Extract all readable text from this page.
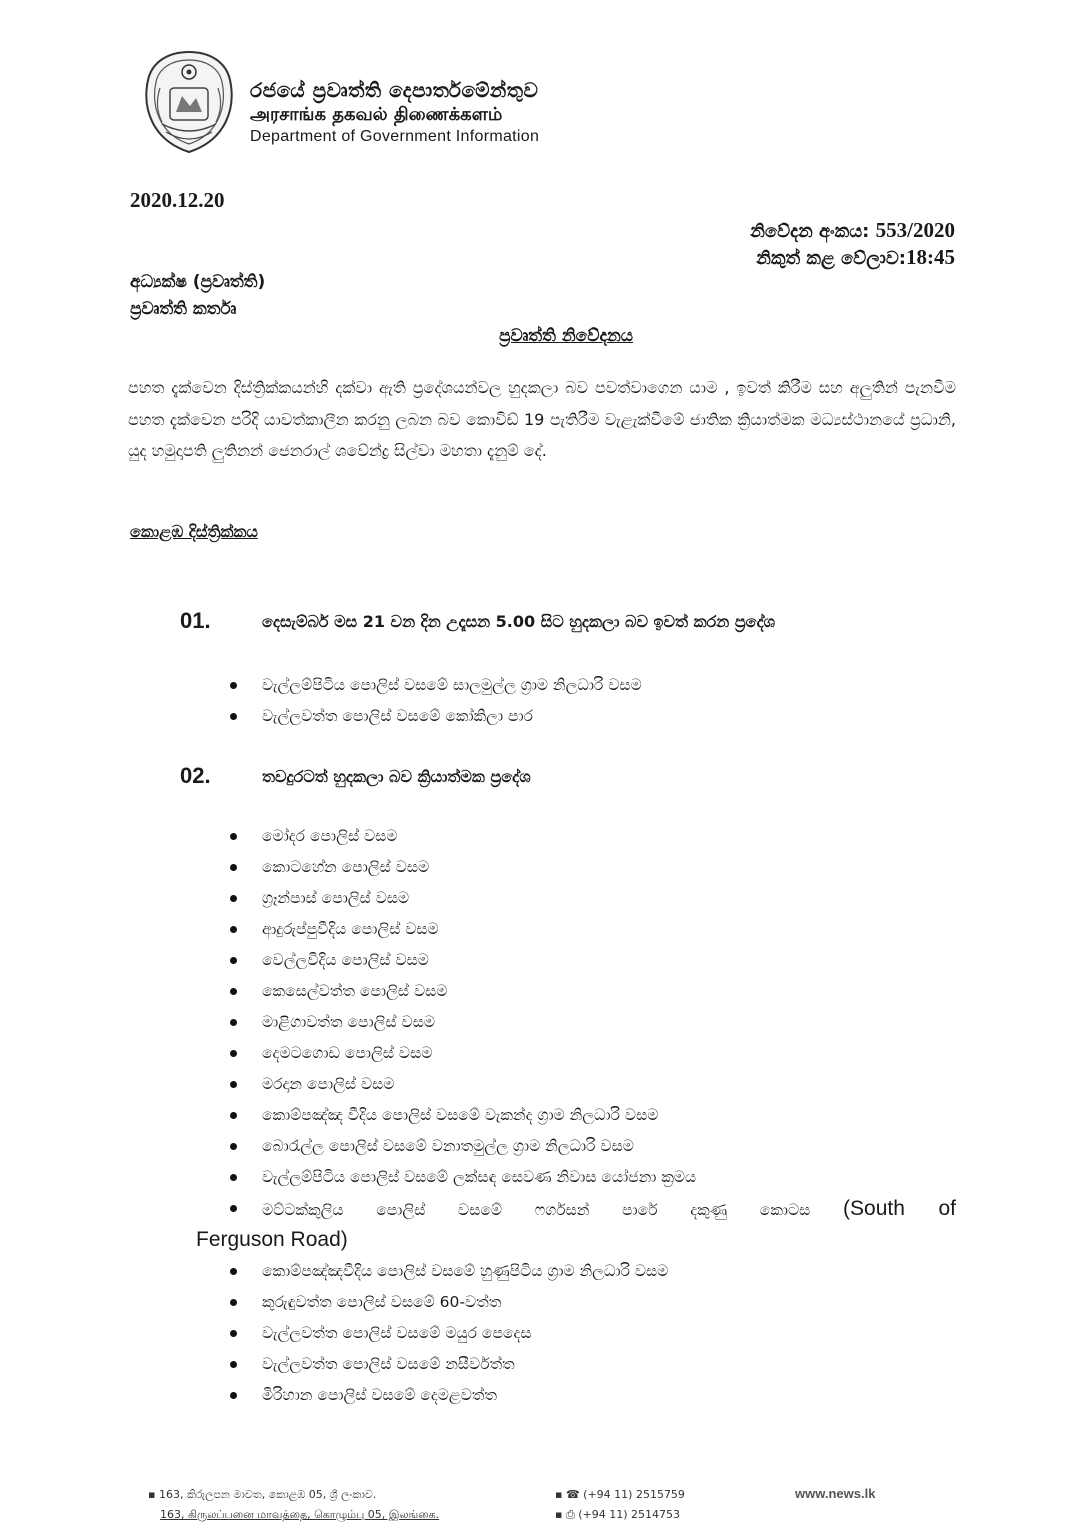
රජයේ ප්‍රවෘත්ති දෙපාර්තමේන්තුව
அரசாங்க தகவல் திணைக்களம்
Department of Government Information
2020.12.20
නිවේදන අංකය: 553/2020
නිකුත් කළ වේලාව:18:45
අධ්‍යක්ෂ (ප්‍රවෘත්ති)
ප්‍රවෘත්ති කර්තෘ
ප්‍රවෘත්ති නිවේදනය
පහත දැක්වෙන දිස්ත්‍රික්කයන්හි දක්වා ඇති ප්‍රදේශයන්වල හුදකලා බව පවත්වාගෙන යාම , ඉවත් කිරීම සහ අලුතින් පැනවීම පහත දැක්වෙන පරිදි යාවත්කාලීන කරනු ලබන බව කොවිඩ් 19 පැතිරීම වැළැක්වීමේ ජාතික ක්‍රියාත්මක මධ්‍යස්ථානයේ ප්‍රධානි, යුද හමුදාපති ලුතිනන් ජෙනරාල් ශවේන්ද්‍ර සිල්වා මහතා දැනුම් දේ.
කොළඹ දිස්ත්‍රික්කය
01.	දෙසැම්බර් මස 21 වන දින උදෑසන 5.00 සිට හුදකලා බව ඉවත් කරන ප්‍රදේශ
වැල්ලම්පිටිය පොලිස් වසමේ සාලමුල්ල ග්‍රාම නිලධාරි වසම
වැල්ලවත්ත පොලිස් වසමේ කෝකිලා පාර
02.	තවදුරටත් හුදකලා බව ක්‍රියාත්මක ප්‍රදේශ
මෝදර පොලිස් වසම
කොටහේන පොලිස් වසම
ග්‍රෑන්පාස් පොලිස් වසම
ආදුරුප්පුවීදිය පොලිස් වසම
වෙල්ලවීදිය පොලිස් වසම
කෙසෙල්වත්ත පොලිස් වසම
මාළිගාවත්ත පොලිස් වසම
දෙමටගොඩ පොලිස් වසම
මරදාන පොලිස් වසම
කොම්පඤ්ඤ වීදිය පොලිස් වසමේ වැකන්ද ග්‍රාම නිලධාරි වසම
බොරැල්ල පොලිස් වසමේ වනාතමුල්ල ග්‍රාම නිලධාරි වසම
වැල්ලම්පිටිය පොලිස් වසමේ ලක්සඳ සෙවණ නිවාස යෝජනා ක්‍රමය
මට්ටක්කුලිය පොලිස් වසමේ ෆර්ගසන් පාරේ දකුණු කොටස (South of
Ferguson Road)
කොම්පඤ්ඤවීදිය පොලිස් වසමේ හුණුපිටිය ග්‍රාම නිලධාරි වසම
කුරුඳුවත්ත පොලිස් වසමේ 60-වත්ත
වැල්ලවත්ත පොලිස් වසමේ මයුර පෙදෙස
වැල්ලවත්ත පොලිස් වසමේ නසීර්වත්ත
මිරිහාන පොලිස් වසමේ දෙමළවත්ත
▪ 163, කිරුලපන මාවත, කොළඹ 05, ශ්‍රී ලංකාව.
163, கிருலப்பனை மாவத்தை, கொழும்பு 05, இலங்கை.
▪ ☎ (+94 11) 2515759
▪ ⎙ (+94 11) 2514753
www.news.lk
